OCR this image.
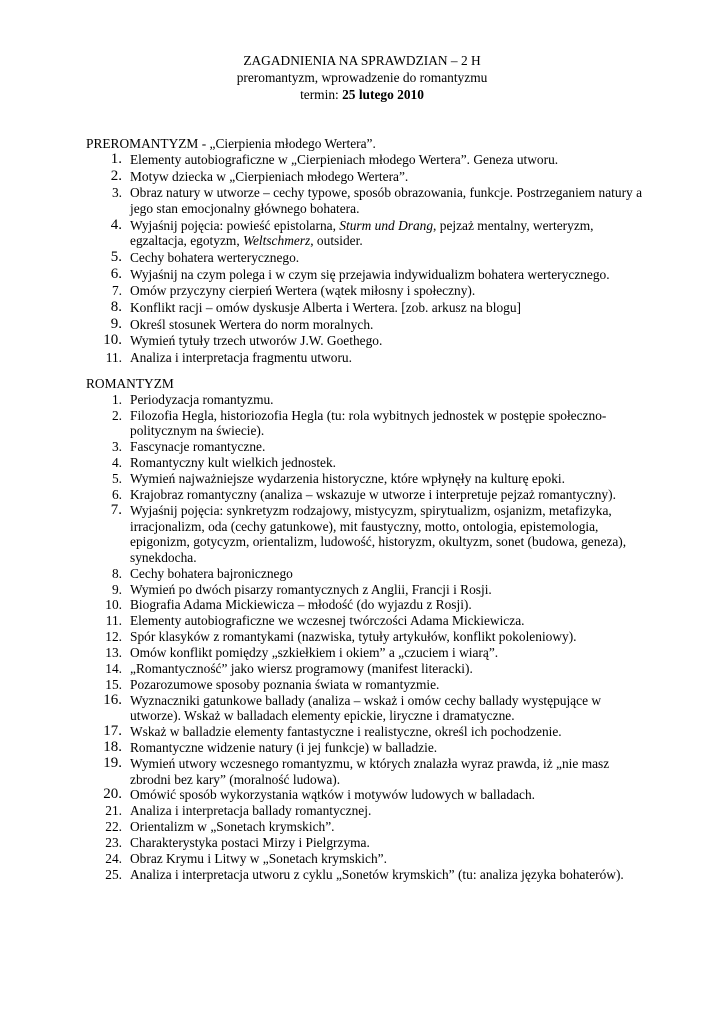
ZAGADNIENIA NA SPRAWDZIAN – 2 H
preromantyzm, wprowadzenie do romantyzmu
termin: 25 lutego 2010
PREROMANTYZM - „Cierpienia młodego Wertera”.
1. Elementy autobiograficzne w „Cierpieniach młodego Wertera”. Geneza utworu.
2. Motyw dziecka w „Cierpieniach młodego Wertera”.
3. Obraz natury w utworze – cechy typowe, sposób obrazowania, funkcje. Postrzeganiem natury a jego stan emocjonalny głównego bohatera.
4. Wyjaśnij pojęcia: powieść epistolarna, Sturm und Drang, pejzaż mentalny, werteryzm, egzaltacja, egotyzm, Weltschmerz, outsider.
5. Cechy bohatera werterycznego.
6. Wyjaśnij na czym polega i w czym się przejawia indywidualizm bohatera werterycznego.
7. Omów przyczyny cierpień Wertera (wątek miłosny i społeczny).
8. Konflikt racji – omów dyskusje Alberta i Wertera. [zob. arkusz na blogu]
9. Określ stosunek Wertera do norm moralnych.
10. Wymień tytuły trzech utworów J.W. Goethego.
11. Analiza i interpretacja fragmentu utworu.
ROMANTYZM
1. Periodyzacja romantyzmu.
2. Filozofia Hegla, historiozofia Hegla (tu: rola wybitnych jednostek w postępie społeczno-politycznym na świecie).
3. Fascynacje romantyczne.
4. Romantyczny kult wielkich jednostek.
5. Wymień najważniejsze wydarzenia historyczne, które wpłynęły na kulturę epoki.
6. Krajobraz romantyczny (analiza – wskazuje w utworze i interpretuje pejzaż romantyczny).
7. Wyjaśnij pojęcia: synkretyzm rodzajowy, mistycyzm, spirytualizm, osjanizm, metafizyka, irracjonalizm, oda (cechy gatunkowe), mit faustyczny, motto, ontologia, epistemologia, epigonizm, gotycyzm, orientalizm, ludowość, historyzm, okultyzm, sonet (budowa, geneza), synekdocha.
8. Cechy bohatera bajronicznego
9. Wymień po dwóch pisarzy romantycznych z Anglii, Francji i Rosji.
10. Biografia Adama Mickiewicza – młodość (do wyjazdu z Rosji).
11. Elementy autobiograficzne we wczesnej twórczości Adama Mickiewicza.
12. Spór klasyków z romantykami (nazwiska, tytuły artykułów, konflikt pokoleniowy).
13. Omów konflikt pomiędzy „szkiełkiem i okiem” a „czuciem i wiarą”.
14. „Romantyczność” jako wiersz programowy (manifest literacki).
15. Pozarozumowe sposoby poznania świata w romantyzmie.
16. Wyznaczniki gatunkowe ballady (analiza – wskaż i omów cechy ballady występujące w utworze). Wskaż w balladach elementy epickie, liryczne i dramatyczne.
17. Wskaż w balladzie elementy fantastyczne i realistyczne, określ ich pochodzenie.
18. Romantyczne widzenie natury (i jej funkcje) w balladzie.
19. Wymień utwory wczesnego romantyzmu, w których znalazła wyraz prawda, iż „nie masz zbrodni bez kary” (moralność ludowa).
20. Omówić sposób wykorzystania wątków i motywów ludowych w balladach.
21. Analiza i interpretacja ballady romantycznej.
22. Orientalizm w „Sonetach krymskich”.
23. Charakterystyka postaci Mirzy i Pielgrzyma.
24. Obraz Krymu i Litwy w „Sonetach krymskich”.
25. Analiza i interpretacja utworu z cyklu „Sonetów krymskich” (tu: analiza języka bohaterów).
